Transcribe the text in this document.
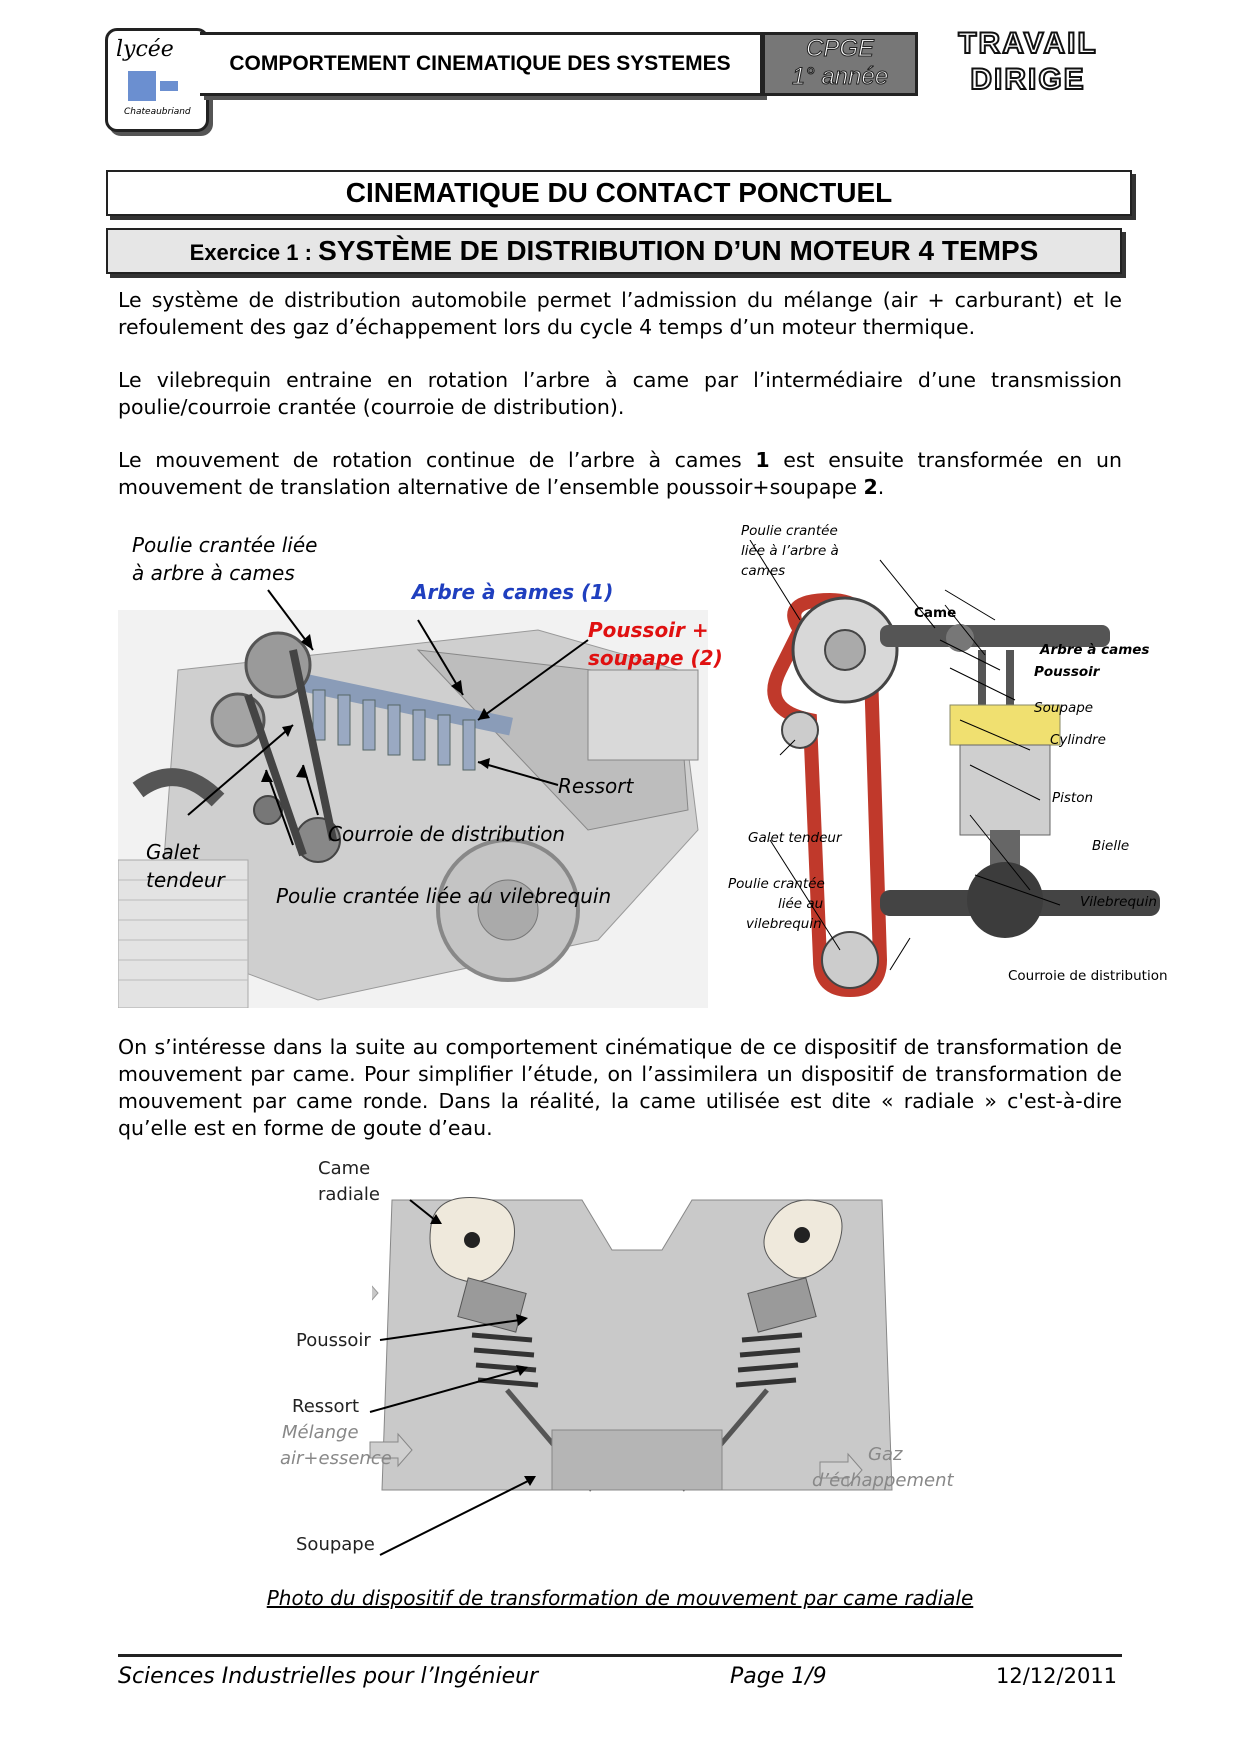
lycée
Chateaubriand
COMPORTEMENT CINEMATIQUE DES SYSTEMES
CPGE
1° année
TRAVAIL
DIRIGE
CINEMATIQUE DU CONTACT PONCTUEL
Exercice 1 : SYSTÈME DE DISTRIBUTION D’UN MOTEUR 4 TEMPS
Le système de distribution automobile permet l’admission du mélange (air + carburant) et le refoulement des gaz d’échappement lors du cycle 4 temps d’un moteur thermique.
Le vilebrequin entraine en rotation l’arbre à came par l’intermédiaire d’une transmission poulie/courroie crantée (courroie de distribution).
Le mouvement de rotation continue de l’arbre à cames 1 est ensuite transformée en un mouvement de translation alternative de l’ensemble poussoir+soupape 2.
Poulie crantée liée
à arbre à cames
Arbre à cames (1)
Poussoir +
soupape (2)
Ressort
Courroie de distribution
Galet
tendeur
Poulie crantée liée au vilebrequin
Poulie crantée
liée à l’arbre à
cames
Came
Arbre à cames
Poussoir
Soupape
Cylindre
Piston
Galet tendeur	Bielle
Poulie crantée
liée au
vilebrequin
Vilebrequin
Courroie de distribution
On s’intéresse dans la suite au comportement cinématique de ce dispositif de transformation de mouvement par came. Pour simplifier l’étude, on l’assimilera un dispositif de transformation de mouvement par came ronde. Dans la réalité, la came utilisée est dite « radiale » c'est-à-dire qu’elle est en forme de goute d’eau.
Came
radiale
Poussoir
Ressort
Mélange
air+essence	Gaz
d’échappement
Soupape
Photo du dispositif de transformation de mouvement par came radiale
Sciences Industrielles pour l’Ingénieur	Page 1/9	12/12/2011
